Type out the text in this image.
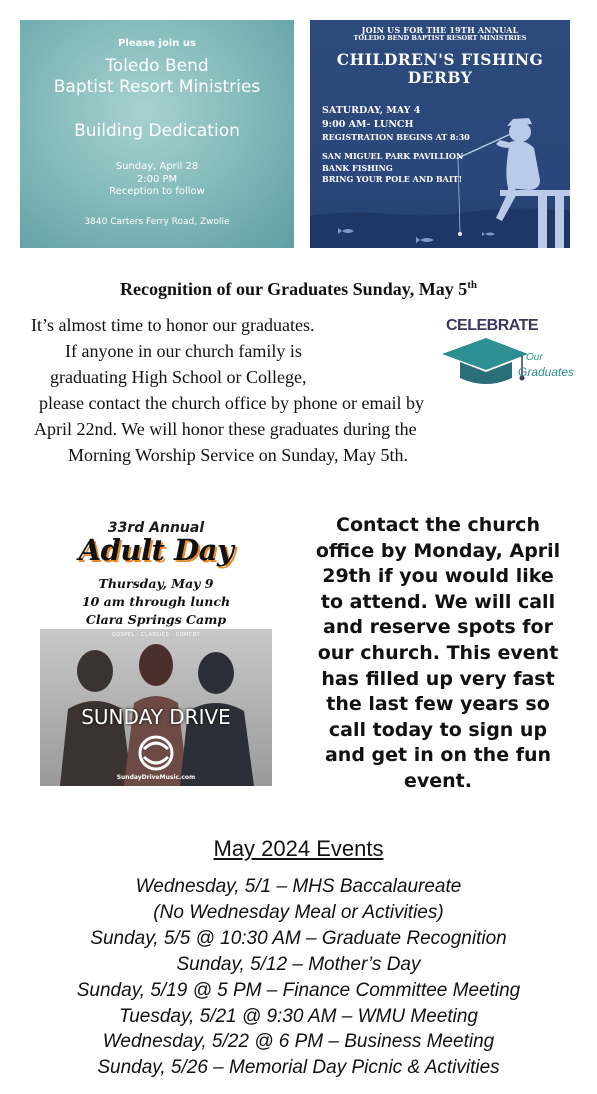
Please join us
Toledo Bend
Baptist Resort Ministries
Building Dedication
Sunday, April 28
2:00 PM
Reception to follow
3840 Carters Ferry Road, Zwolle
JOIN US FOR THE 19TH ANNUAL
TOLEDO BEND BAPTIST RESORT MINISTRIES
CHILDREN'S FISHING
DERBY
SATURDAY, MAY 4
9:00 AM- LUNCH
REGISTRATION BEGINS AT 8:30
SAN MIGUEL PARK PAVILLION
BANK FISHING
BRING YOUR POLE AND BAIT!
Recognition of our Graduates Sunday, May 5th
It’s almost time to honor our graduates.
If anyone in our church family is
graduating High School or College,
please contact the church office by phone or email by
April 22nd. We will honor these graduates during the
Morning Worship Service on Sunday, May 5th.
CELEBRATE
Our
Graduates
33rd Annual
Adult Day
Thursday, May 9
10 am through lunch
Clara Springs Camp
GOSPEL · CLASSICS · COMEDY
SUNDAY DRIVE
SundayDriveMusic.com
Contact the church
office by Monday, April
29th if you would like
to attend. We will call
and reserve spots for
our church. This event
has filled up very fast
the last few years so
call today to sign up
and get in on the fun
event.
May 2024 Events
Wednesday, 5/1 – MHS Baccalaureate
(No Wednesday Meal or Activities)
Sunday, 5/5 @ 10:30 AM – Graduate Recognition
Sunday, 5/12 – Mother’s Day
Sunday, 5/19 @ 5 PM – Finance Committee Meeting
Tuesday, 5/21 @ 9:30 AM – WMU Meeting
Wednesday, 5/22 @ 6 PM – Business Meeting
Sunday, 5/26 – Memorial Day Picnic & Activities
